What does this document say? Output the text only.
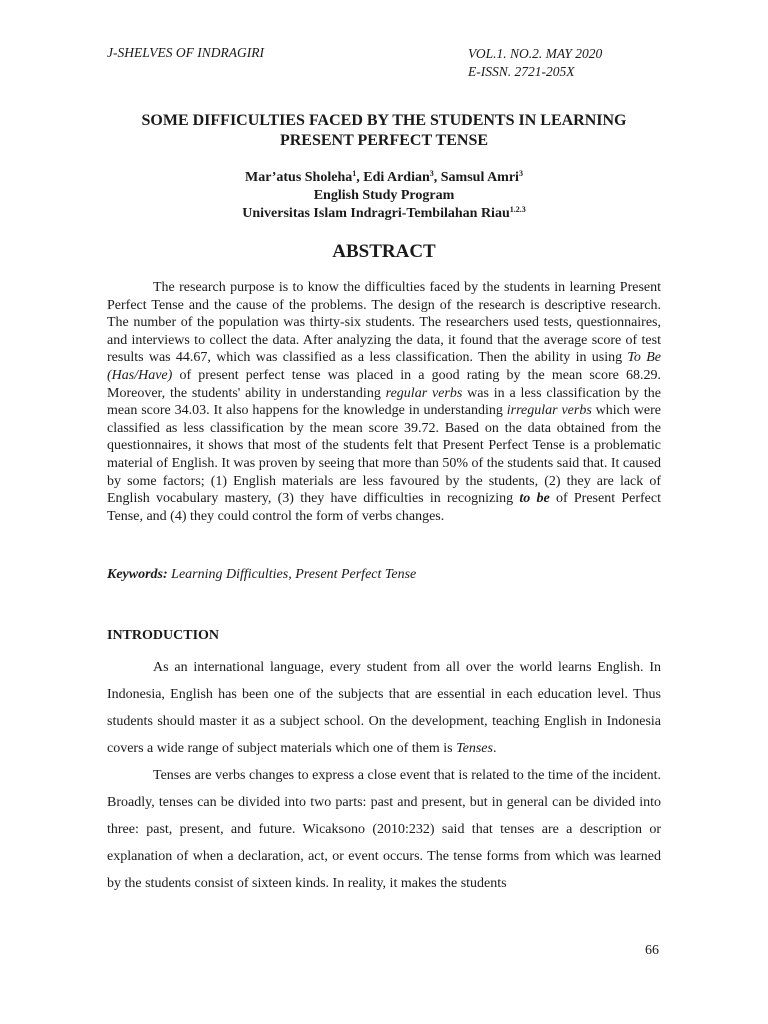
J-SHELVES OF INDRAGIRI	VOL.1. NO.2. MAY 2020
E-ISSN. 2721-205X
SOME DIFFICULTIES FACED BY THE STUDENTS IN LEARNING
PRESENT PERFECT TENSE
Mar’atus Sholeha$^1$, Edi Ardian$^3$, Samsul Amri$^3$
English Study Program
Universitas Islam Indragri-Tembilahan Riau$^{1.2.3}$
ABSTRACT

The research purpose is to know the difficulties faced by the students in learning Present Perfect Tense and the cause of the problems. The design of the research is descriptive research. The number of the population was thirty-six students. The researchers used tests, questionnaires, and interviews to collect the data. After analyzing the data, it found that the average score of test results was 44.67, which was classified as a less classification. Then the ability in using To Be (Has/Have) of present perfect tense was placed in a good rating by the mean score 68.29. Moreover, the students' ability in understanding regular verbs was in a less classification by the mean score 34.03. It also happens for the knowledge in understanding irregular verbs which were classified as less classification by the mean score 39.72. Based on the data obtained from the questionnaires, it shows that most of the students felt that Present Perfect Tense is a problematic material of English. It was proven by seeing that more than 50% of the students said that. It caused by some factors; (1) English materials are less favoured by the students, (2) they are lack of English vocabulary mastery, (3) they have difficulties in recognizing to be of Present Perfect Tense, and (4) they could control the form of verbs changes.

Keywords: Learning Difficulties, Present Perfect Tense
INTRODUCTION

As an international language, every student from all over the world learns English. In Indonesia, English has been one of the subjects that are essential in each education level. Thus students should master it as a subject school. On the development, teaching English in Indonesia covers a wide range of subject materials which one of them is Tenses.

Tenses are verbs changes to express a close event that is related to the time of the incident. Broadly, tenses can be divided into two parts: past and present, but in general can be divided into three: past, present, and future. Wicaksono (2010:232) said that tenses are a description or explanation of when a declaration, act, or event occurs. The tense forms from which was learned by the students consist of sixteen kinds. In reality, it makes the students

66
